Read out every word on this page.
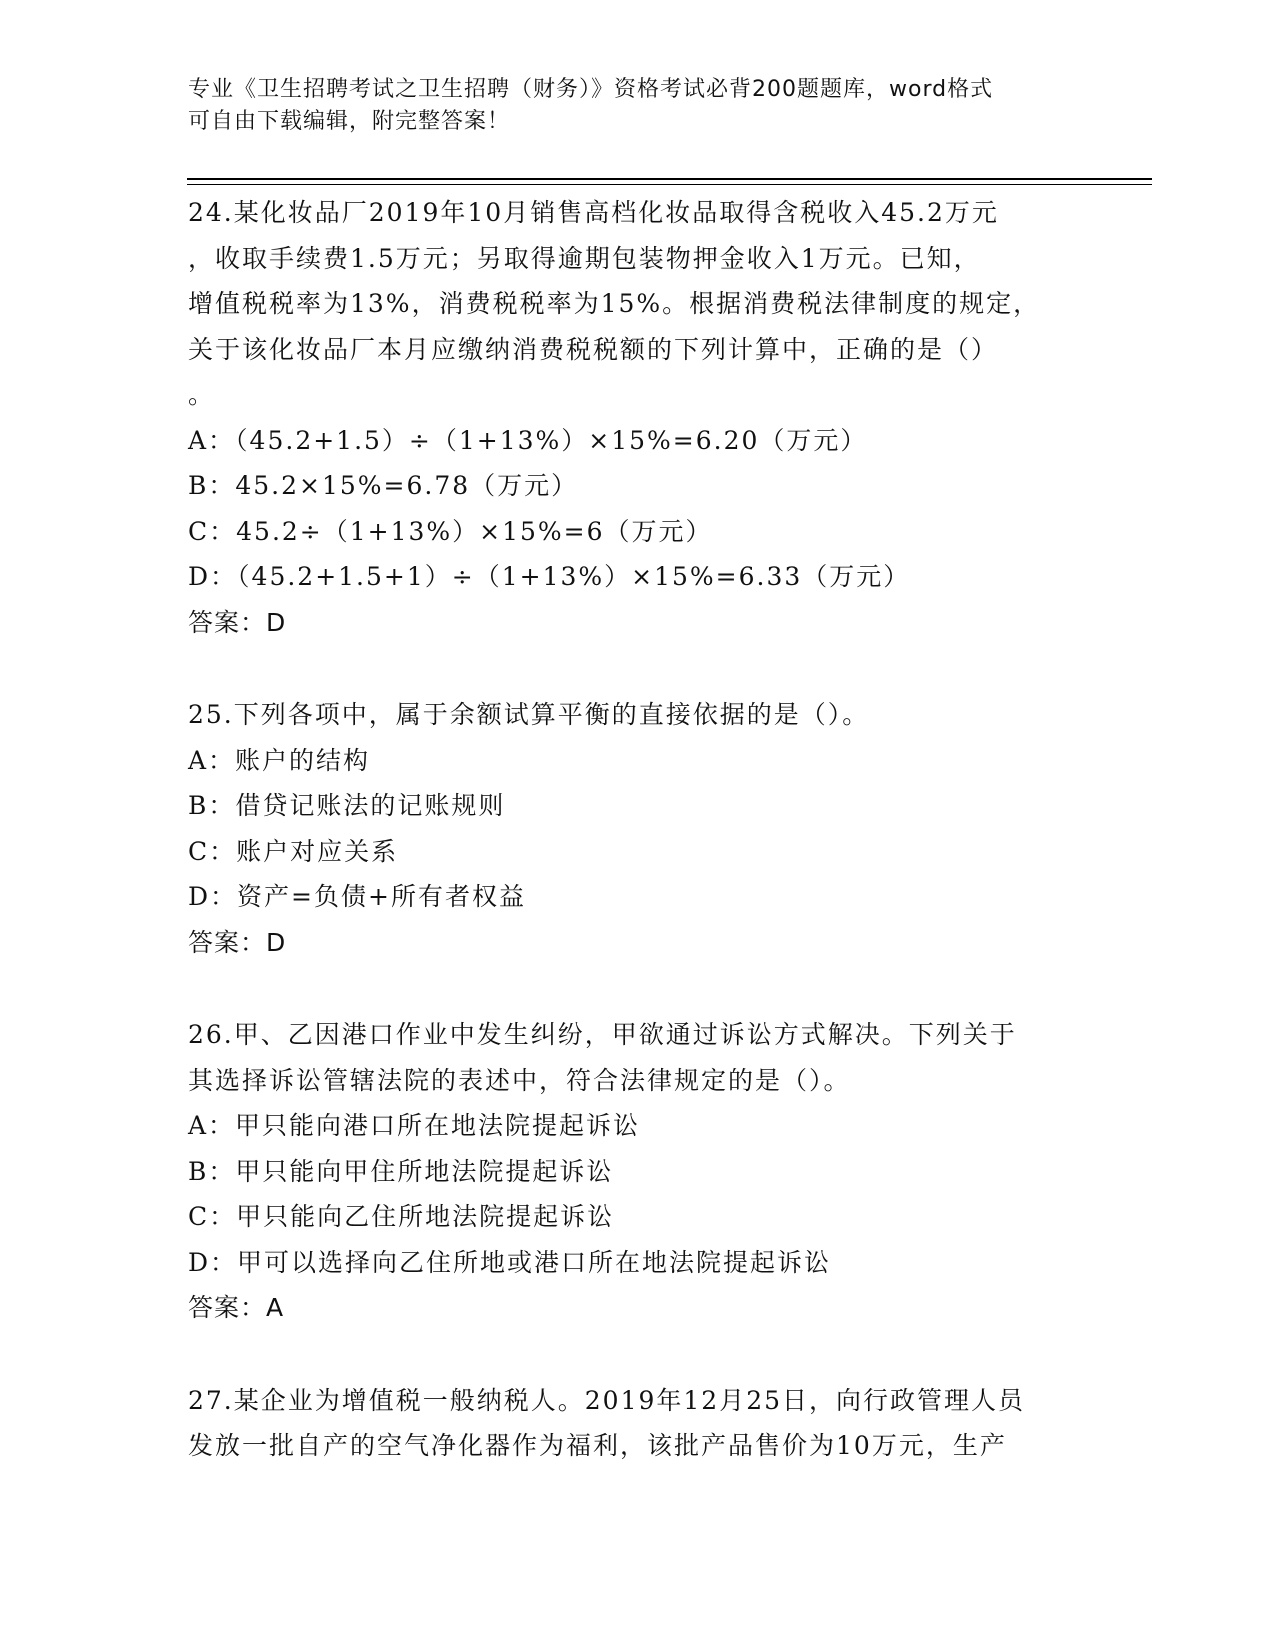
专业《卫生招聘考试之卫生招聘（财务）》资格考试必背200题题库，word格式
可自由下载编辑，附完整答案！
24.某化妆品厂2019年10月销售高档化妆品取得含税收入45.2万元
，收取手续费1.5万元；另取得逾期包装物押金收入1万元。已知，
增值税税率为13%，消费税税率为15%。根据消费税法律制度的规定，
关于该化妆品厂本月应缴纳消费税税额的下列计算中，正确的是（）
。
A：（45.2+1.5）÷（1+13%）×15%=6.20（万元）
B：45.2×15%=6.78（万元）
C：45.2÷（1+13%）×15%=6（万元）
D：（45.2+1.5+1）÷（1+13%）×15%=6.33（万元）
答案：D
25.下列各项中，属于余额试算平衡的直接依据的是（）。
A：账户的结构
B：借贷记账法的记账规则
C：账户对应关系
D：资产=负债+所有者权益
答案：D
26.甲、乙因港口作业中发生纠纷，甲欲通过诉讼方式解决。下列关于
其选择诉讼管辖法院的表述中，符合法律规定的是（）。
A：甲只能向港口所在地法院提起诉讼
B：甲只能向甲住所地法院提起诉讼
C：甲只能向乙住所地法院提起诉讼
D：甲可以选择向乙住所地或港口所在地法院提起诉讼
答案：A
27.某企业为增值税一般纳税人。2019年12月25日，向行政管理人员
发放一批自产的空气净化器作为福利，该批产品售价为10万元，生产
